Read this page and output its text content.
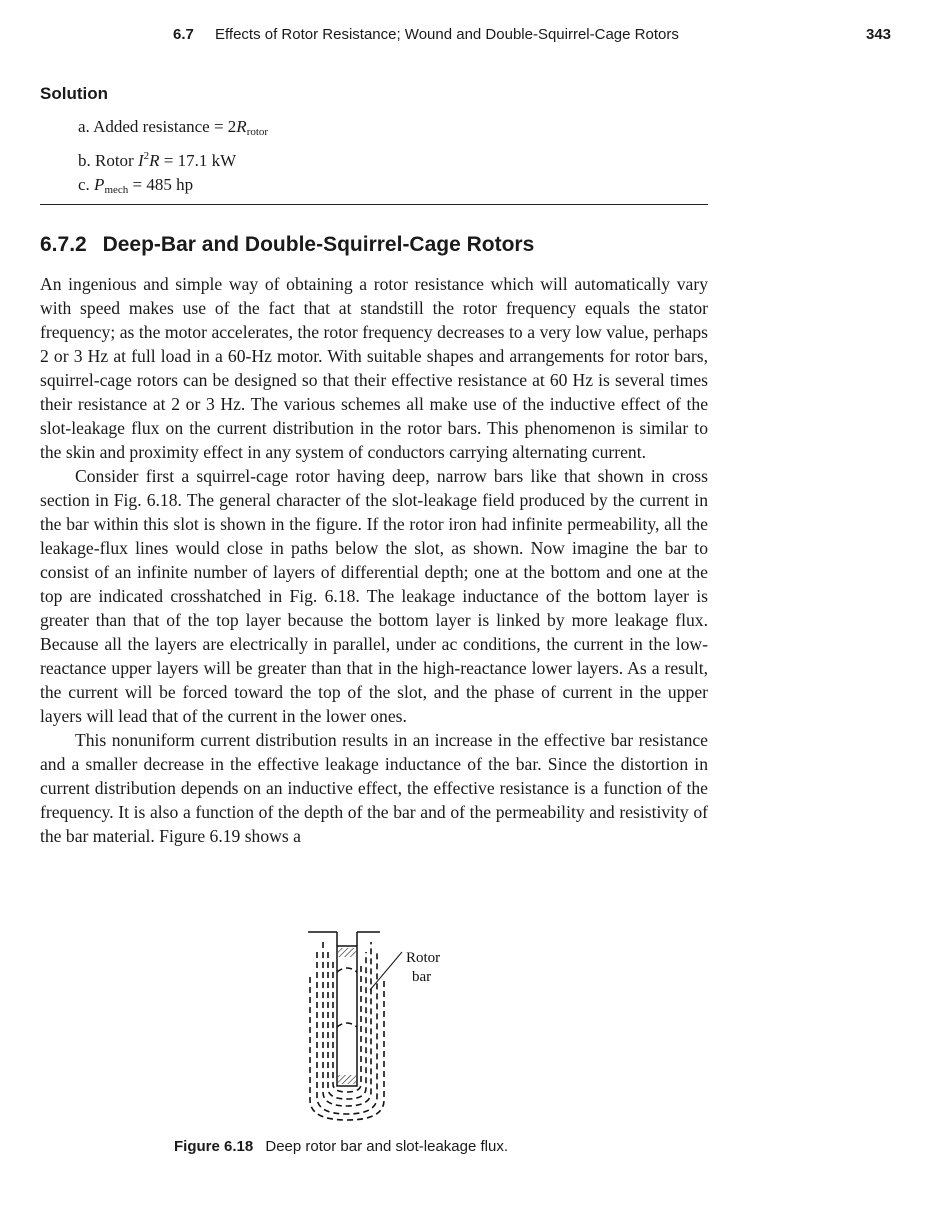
6.7 Effects of Rotor Resistance; Wound and Double-Squirrel-Cage Rotors	343
Solution
a. Added resistance = $2R_{rotor}$
b. Rotor $I^2R = 17.1$ kW
c. $P_{mech} = 485$ hp
6.7.2 Deep-Bar and Double-Squirrel-Cage Rotors

An ingenious and simple way of obtaining a rotor resistance which will automatically vary with speed makes use of the fact that at standstill the rotor frequency equals the stator frequency; as the motor accelerates, the rotor frequency decreases to a very low value, perhaps 2 or 3 Hz at full load in a 60-Hz motor. With suitable shapes and arrangements for rotor bars, squirrel-cage rotors can be designed so that their effective resistance at 60 Hz is several times their resistance at 2 or 3 Hz. The various schemes all make use of the inductive effect of the slot-leakage flux on the current distribution in the rotor bars. This phenomenon is similar to the skin and proximity effect in any system of conductors carrying alternating current.

Consider first a squirrel-cage rotor having deep, narrow bars like that shown in cross section in Fig. 6.18. The general character of the slot-leakage field produced by the current in the bar within this slot is shown in the figure. If the rotor iron had infinite permeability, all the leakage-flux lines would close in paths below the slot, as shown. Now imagine the bar to consist of an infinite number of layers of differential depth; one at the bottom and one at the top are indicated crosshatched in Fig. 6.18. The leakage inductance of the bottom layer is greater than that of the top layer because the bottom layer is linked by more leakage flux. Because all the layers are electrically in parallel, under ac conditions, the current in the low-reactance upper layers will be greater than that in the high-reactance lower layers. As a result, the current will be forced toward the top of the slot, and the phase of current in the upper layers will lead that of the current in the lower ones.

This nonuniform current distribution results in an increase in the effective bar resistance and a smaller decrease in the effective leakage inductance of the bar. Since the distortion in current distribution depends on an inductive effect, the effective resistance is a function of the frequency. It is also a function of the depth of the bar and of the permeability and resistivity of the bar material. Figure 6.19 shows a

Rotor
bar
Figure 6.18 Deep rotor bar and slot-leakage flux.
